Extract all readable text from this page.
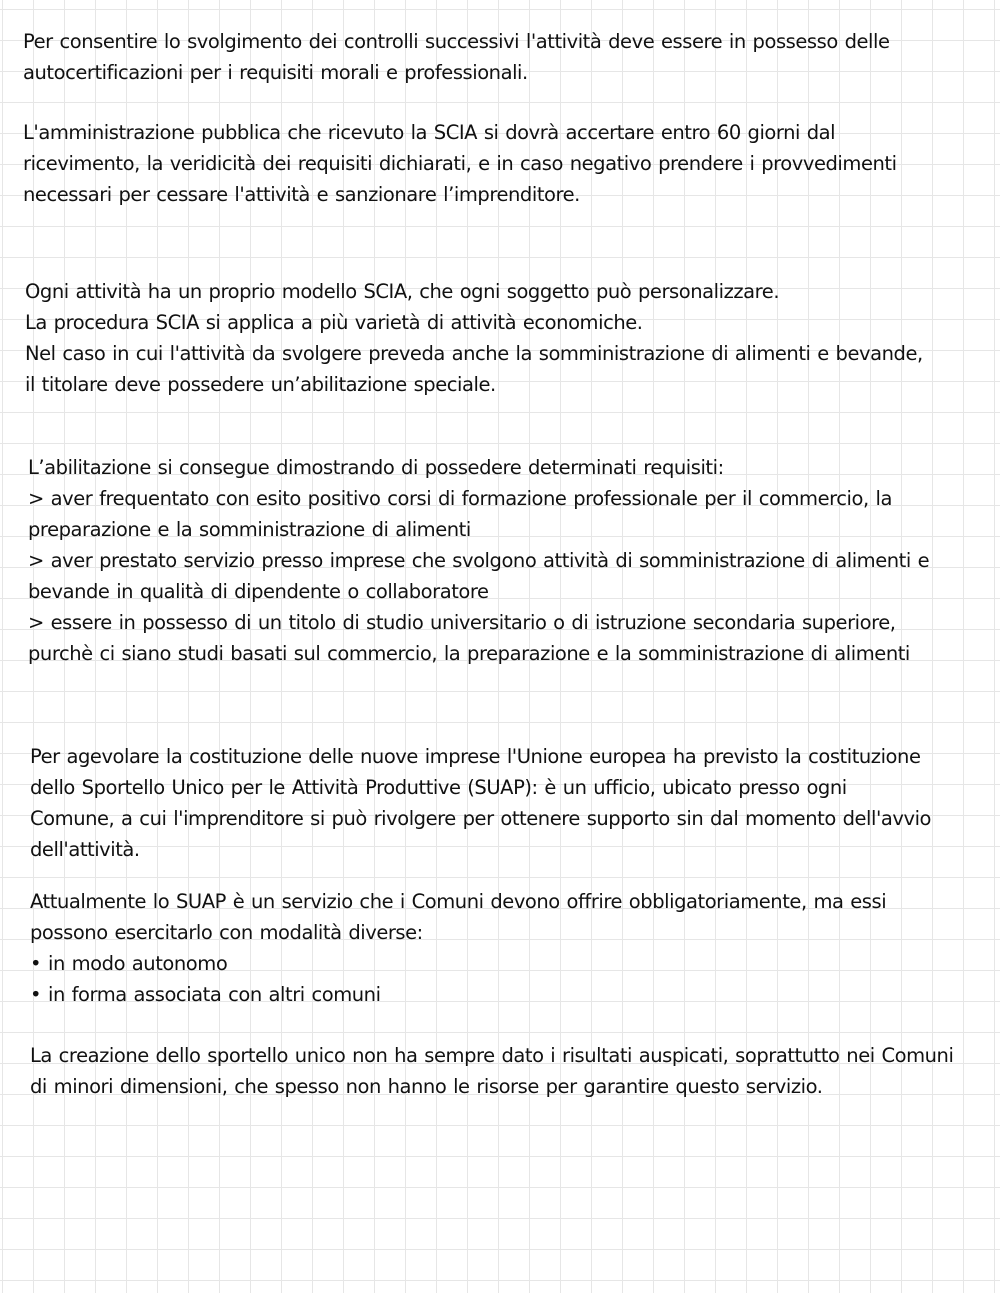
Per consentire lo svolgimento dei controlli successivi l'attività deve essere in possesso delle
autocertificazioni per i requisiti morali e professionali.
L'amministrazione pubblica che ricevuto la SCIA si dovrà accertare entro 60 giorni dal
ricevimento, la veridicità dei requisiti dichiarati, e in caso negativo prendere i provvedimenti
necessari per cessare l'attività e sanzionare l’imprenditore.
Ogni attività ha un proprio modello SCIA, che ogni soggetto può personalizzare.
La procedura SCIA si applica a più varietà di attività economiche.
Nel caso in cui l'attività da svolgere preveda anche la somministrazione di alimenti e bevande,
il titolare deve possedere un’abilitazione speciale.
L’abilitazione si consegue dimostrando di possedere determinati requisiti:
> aver frequentato con esito positivo corsi di formazione professionale per il commercio, la
preparazione e la somministrazione di alimenti
> aver prestato servizio presso imprese che svolgono attività di somministrazione di alimenti e
bevande in qualità di dipendente o collaboratore
> essere in possesso di un titolo di studio universitario o di istruzione secondaria superiore,
purchè ci siano studi basati sul commercio, la preparazione e la somministrazione di alimenti
Per agevolare la costituzione delle nuove imprese l'Unione europea ha previsto la costituzione
dello Sportello Unico per le Attività Produttive (SUAP): è un ufficio, ubicato presso ogni
Comune, a cui l'imprenditore si può rivolgere per ottenere supporto sin dal momento dell'avvio
dell'attività.
Attualmente lo SUAP è un servizio che i Comuni devono offrire obbligatoriamente, ma essi
possono esercitarlo con modalità diverse:
• in modo autonomo
• in forma associata con altri comuni
La creazione dello sportello unico non ha sempre dato i risultati auspicati, soprattutto nei Comuni
di minori dimensioni, che spesso non hanno le risorse per garantire questo servizio.
